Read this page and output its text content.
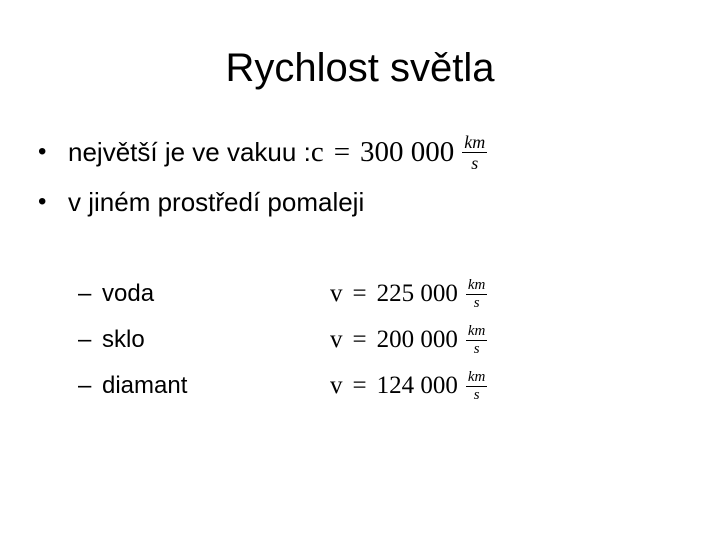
Rychlost světla
• největší je ve vakuu : c = 300 $000 \frac{km}{s}$
• v jiném prostředí pomaleji
– voda	v = 225 $000 \frac{km}{s}$
– sklo	v = 200 $000 \frac{km}{s}$
– diamant	v = 124 $000 \frac{km}{s}$
